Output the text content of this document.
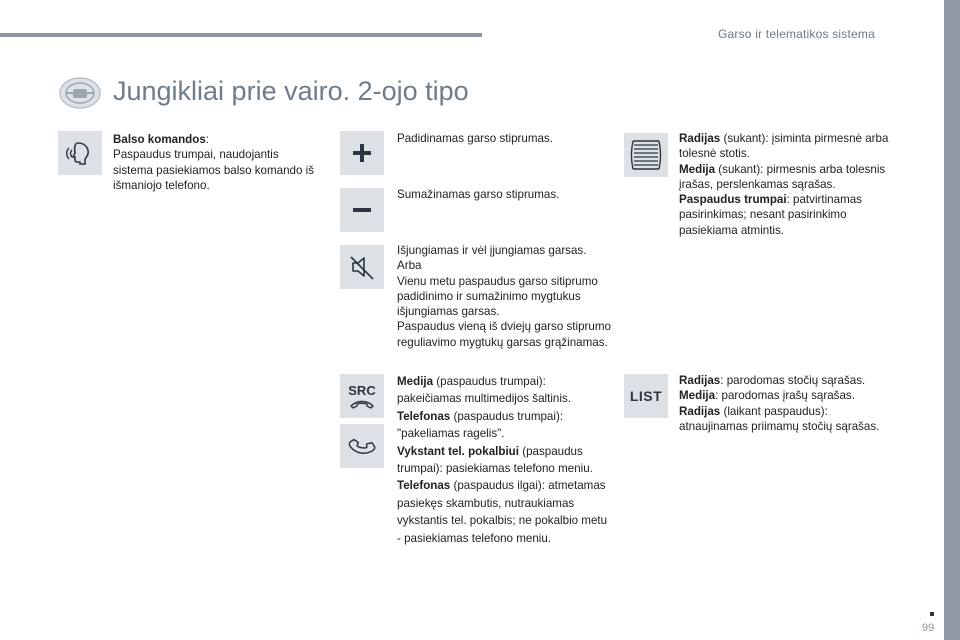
Garso ir telematikos sistema
Jungikliai prie vairo. 2-ojo tipo

Balso komandos:

Paspaudus trumpai, naudojantis sistema pasiekiamos balso komando iš išmaniojo telefono.

Padidinamas garso stiprumas.
Sumažinamas garso stiprumas.

Išjungiamas ir vėl įjungiamas garsas.

Arba

Vienu metu paspaudus garso sitiprumo padidinimo ir sumažinimo mygtukus išjungiamas garsas.

Paspaudus vieną iš dviejų garso stiprumo reguliavimo mygtukų garsas grąžinamas.

SRC

Medija (paspaudus trumpai): pakeičiamas multimedijos šaltinis.

Telefonas (paspaudus trumpai): "pakeliamas ragelis".

Vykstant tel. pokalbiui (paspaudus trumpai): pasiekiamas telefono meniu.

Telefonas (paspaudus ilgai): atmetamas pasiekęs skambutis, nutraukiamas vykstantis tel. pokalbis; ne pokalbio metu - pasiekiamas telefono meniu.

Radijas (sukant): įsiminta pirmesnė arba tolesnė stotis.

Medija (sukant): pirmesnis arba tolesnis įrašas, perslenkamas sąrašas.

Paspaudus trumpai: patvirtinamas pasirinkimas; nesant pasirinkimo pasiekiama atmintis.

LIST

Radijas: parodomas stočių sąrašas.

Medija: parodomas įrašų sąrašas.

Radijas (laikant paspaudus): atnaujinamas priimamų stočių sąrašas.

99
